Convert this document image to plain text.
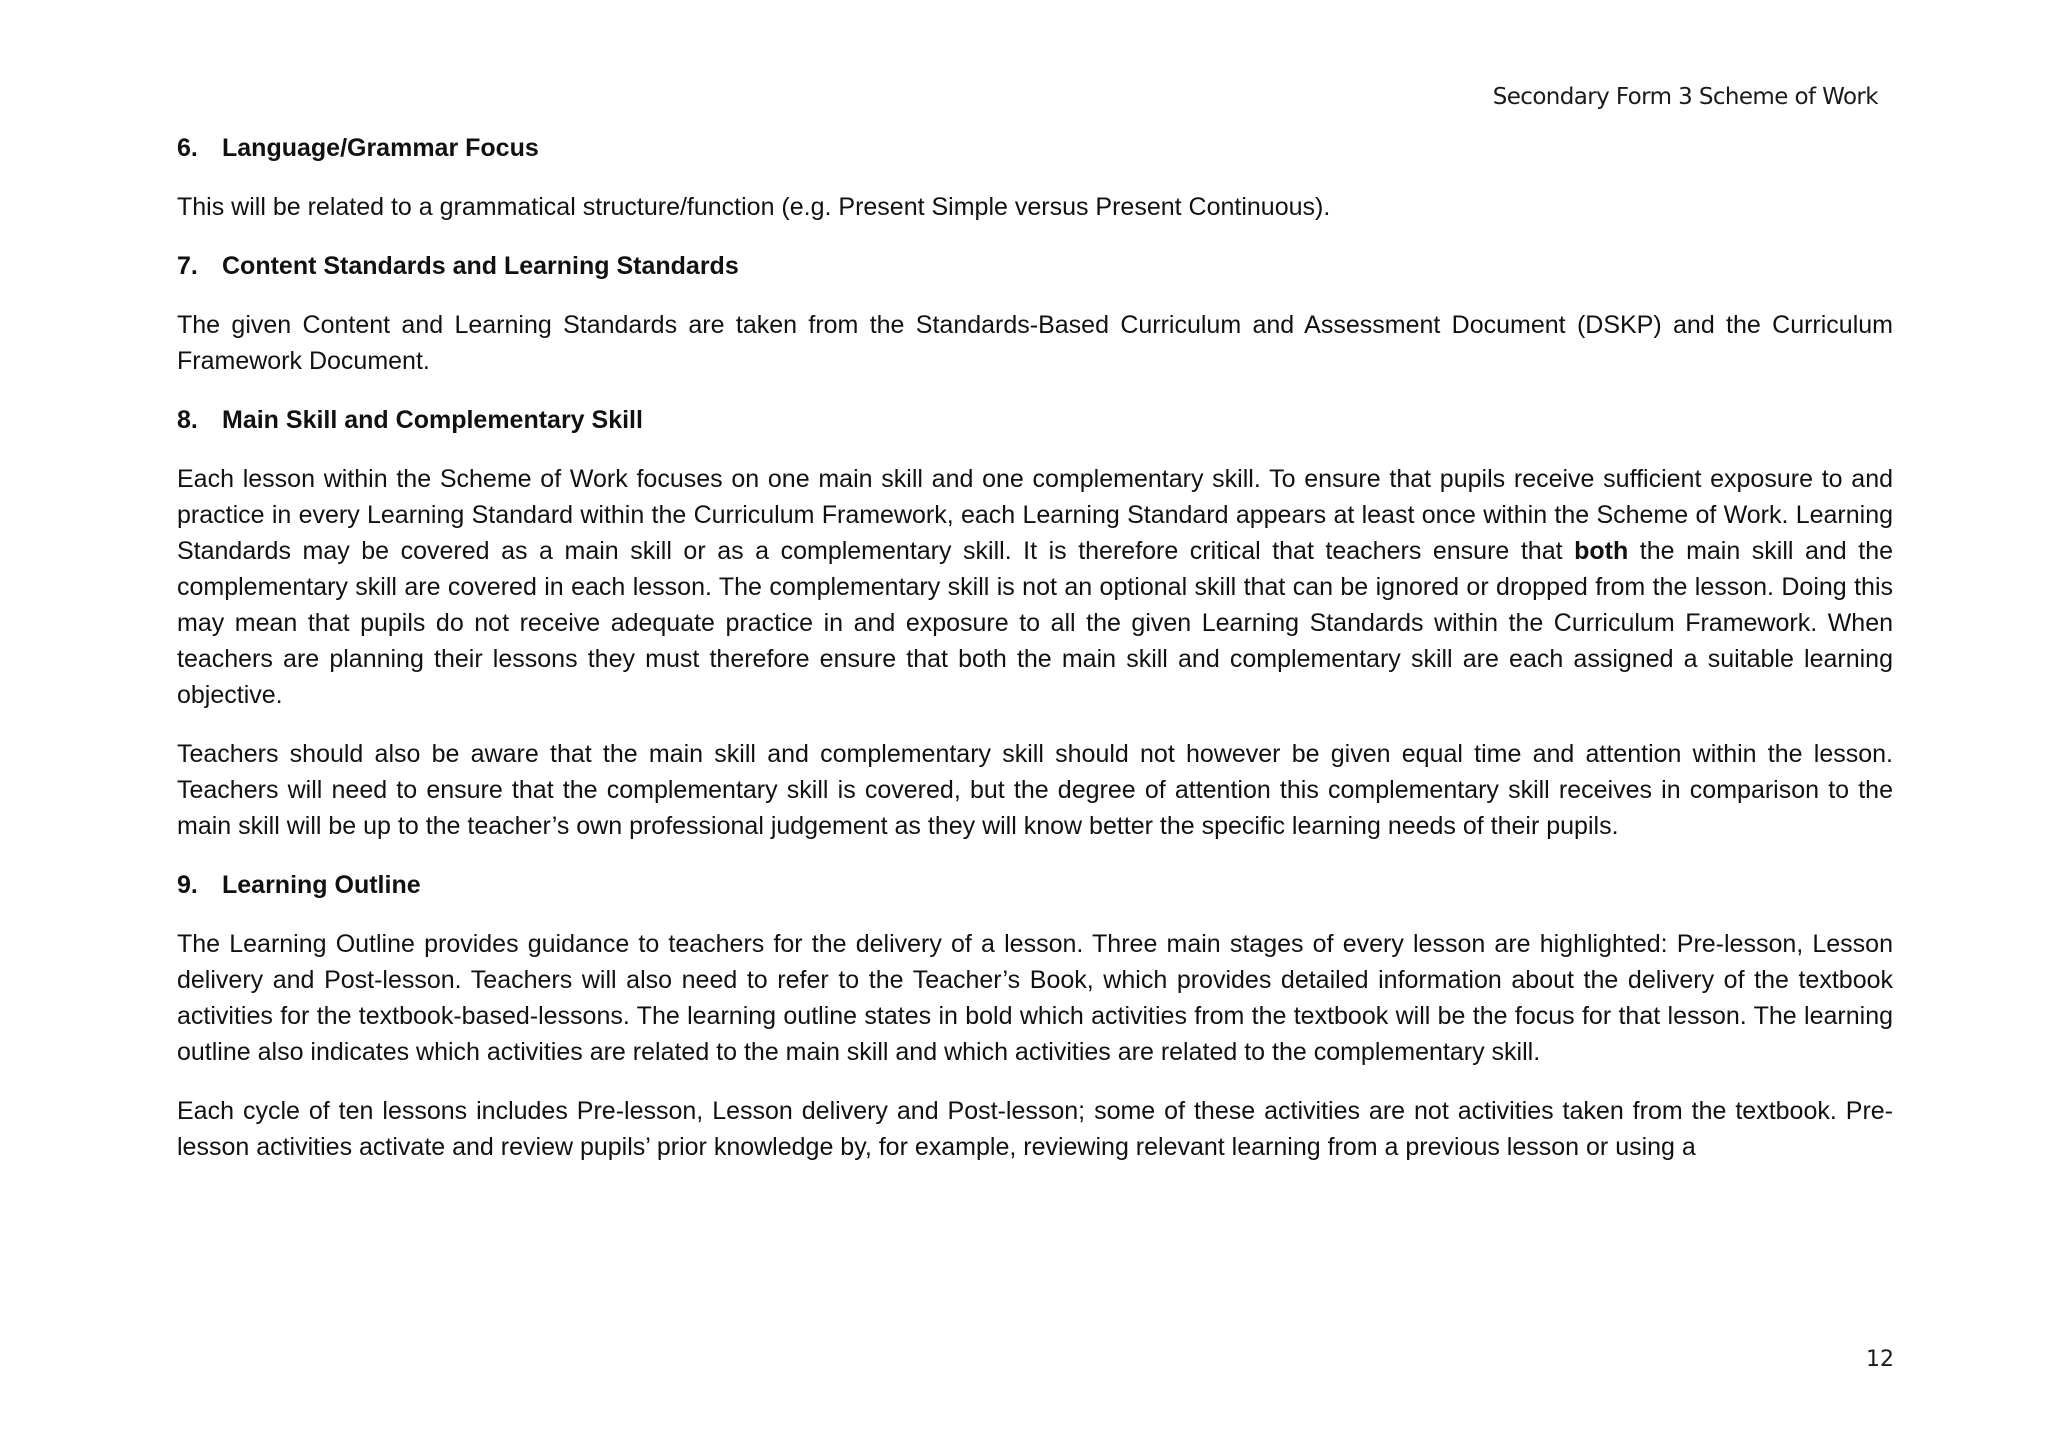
Secondary Form 3 Scheme of Work
6. Language/Grammar Focus

This will be related to a grammatical structure/function (e.g. Present Simple versus Present Continuous).

7. Content Standards and Learning Standards

The given Content and Learning Standards are taken from the Standards-Based Curriculum and Assessment Document (DSKP) and the Curriculum Framework Document.

8. Main Skill and Complementary Skill

Each lesson within the Scheme of Work focuses on one main skill and one complementary skill. To ensure that pupils receive sufficient exposure to and practice in every Learning Standard within the Curriculum Framework, each Learning Standard appears at least once within the Scheme of Work. Learning Standards may be covered as a main skill or as a complementary skill. It is therefore critical that teachers ensure that both the main skill and the complementary skill are covered in each lesson. The complementary skill is not an optional skill that can be ignored or dropped from the lesson. Doing this may mean that pupils do not receive adequate practice in and exposure to all the given Learning Standards within the Curriculum Framework. When teachers are planning their lessons they must therefore ensure that both the main skill and complementary skill are each assigned a suitable learning objective.

Teachers should also be aware that the main skill and complementary skill should not however be given equal time and attention within the lesson. Teachers will need to ensure that the complementary skill is covered, but the degree of attention this complementary skill receives in comparison to the main skill will be up to the teacher’s own professional judgement as they will know better the specific learning needs of their pupils.

9. Learning Outline

The Learning Outline provides guidance to teachers for the delivery of a lesson. Three main stages of every lesson are highlighted: Pre-lesson, Lesson delivery and Post-lesson. Teachers will also need to refer to the Teacher’s Book, which provides detailed information about the delivery of the textbook activities for the textbook-based-lessons. The learning outline states in bold which activities from the textbook will be the focus for that lesson. The learning outline also indicates which activities are related to the main skill and which activities are related to the complementary skill.

Each cycle of ten lessons includes Pre-lesson, Lesson delivery and Post-lesson; some of these activities are not activities taken from the textbook. Pre-lesson activities activate and review pupils’ prior knowledge by, for example, reviewing relevant learning from a previous lesson or using a

12
